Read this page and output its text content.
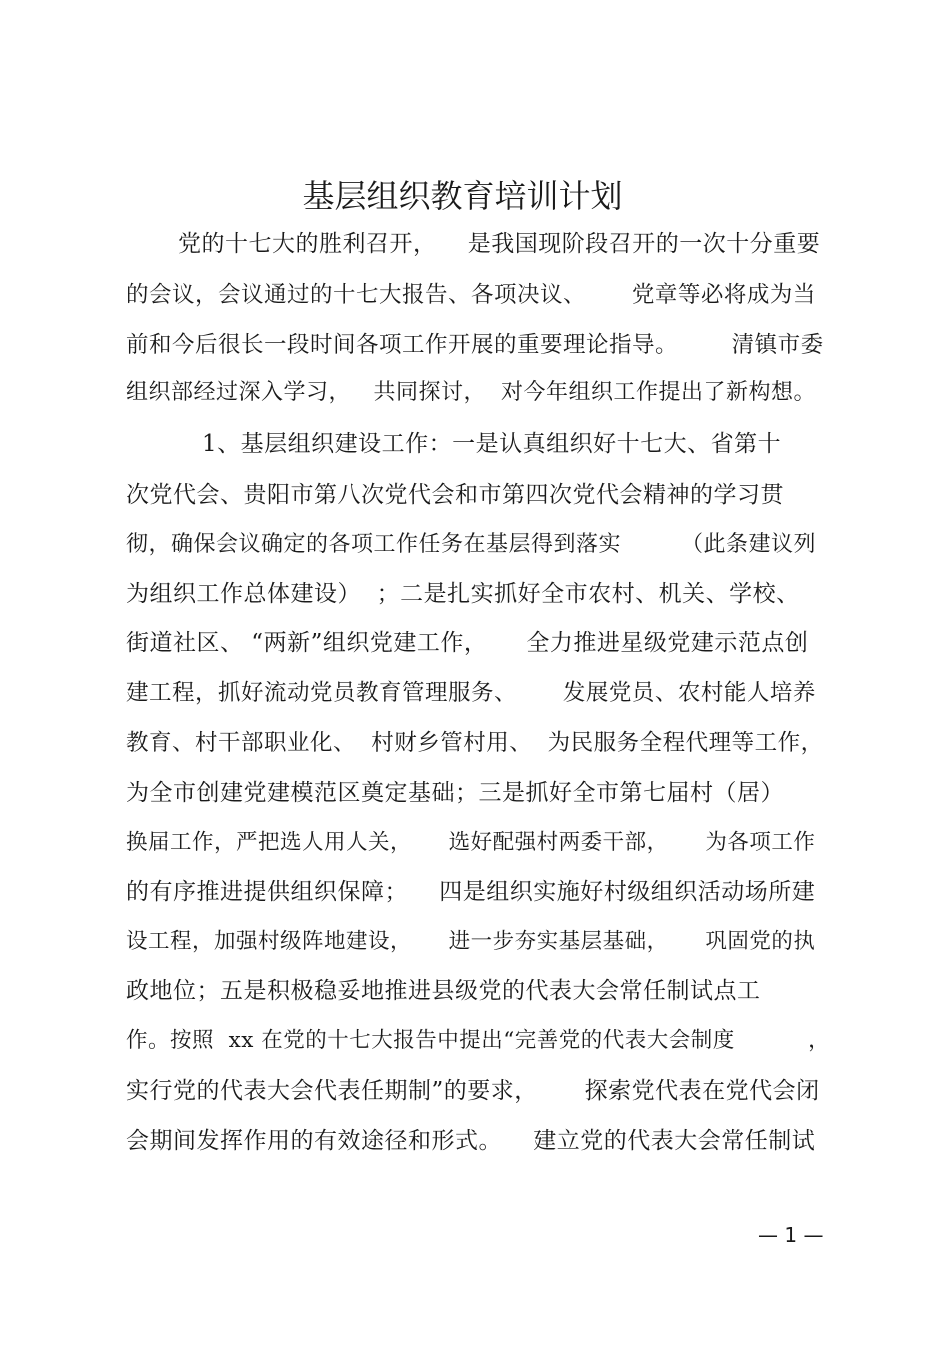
基层组织教育培训计划
党的十七大的胜利召开，    是我国现阶段召开的一次十分重要
的会议，会议通过的十七大报告、各项决议、      党章等必将成为当
前和今后很长一段时间各项工作开展的重要理论指导。       清镇市委
组织部经过深入学习，   共同探讨，  对今年组织工作提出了新构想。
1、基层组织建设工作：一是认真组织好十七大、省第十
次党代会、贵阳市第八次党代会和市第四次党代会精神的学习贯
彻，确保会议确定的各项工作任务在基层得到落实        （此条建议列
为组织工作总体建设）  ；二是扎实抓好全市农村、机关、学校、
街道社区、 “两新”组织党建工作，     全力推进星级党建示范点创
建工程，抓好流动党员教育管理服务、      发展党员、农村能人培养
教育、村干部职业化、  村财乡管村用、  为民服务全程代理等工作，
为全市创建党建模范区奠定基础；三是抓好全市第七届村（居）
换届工作，严把选人用人关，     选好配强村两委干部，     为各项工作
的有序推进提供组织保障；    四是组织实施好村级组织活动场所建
设工程，加强村级阵地建设，     进一步夯实基层基础，     巩固党的执
政地位；五是积极稳妥地推进县级党的代表大会常任制试点工
作。按照  xx 在党的十七大报告中提出“完善党的代表大会制度          ，
实行党的代表大会代表任期制”的要求，      探索党代表在党代会闭
会期间发挥作用的有效途径和形式。    建立党的代表大会常任制试
— 1 —
